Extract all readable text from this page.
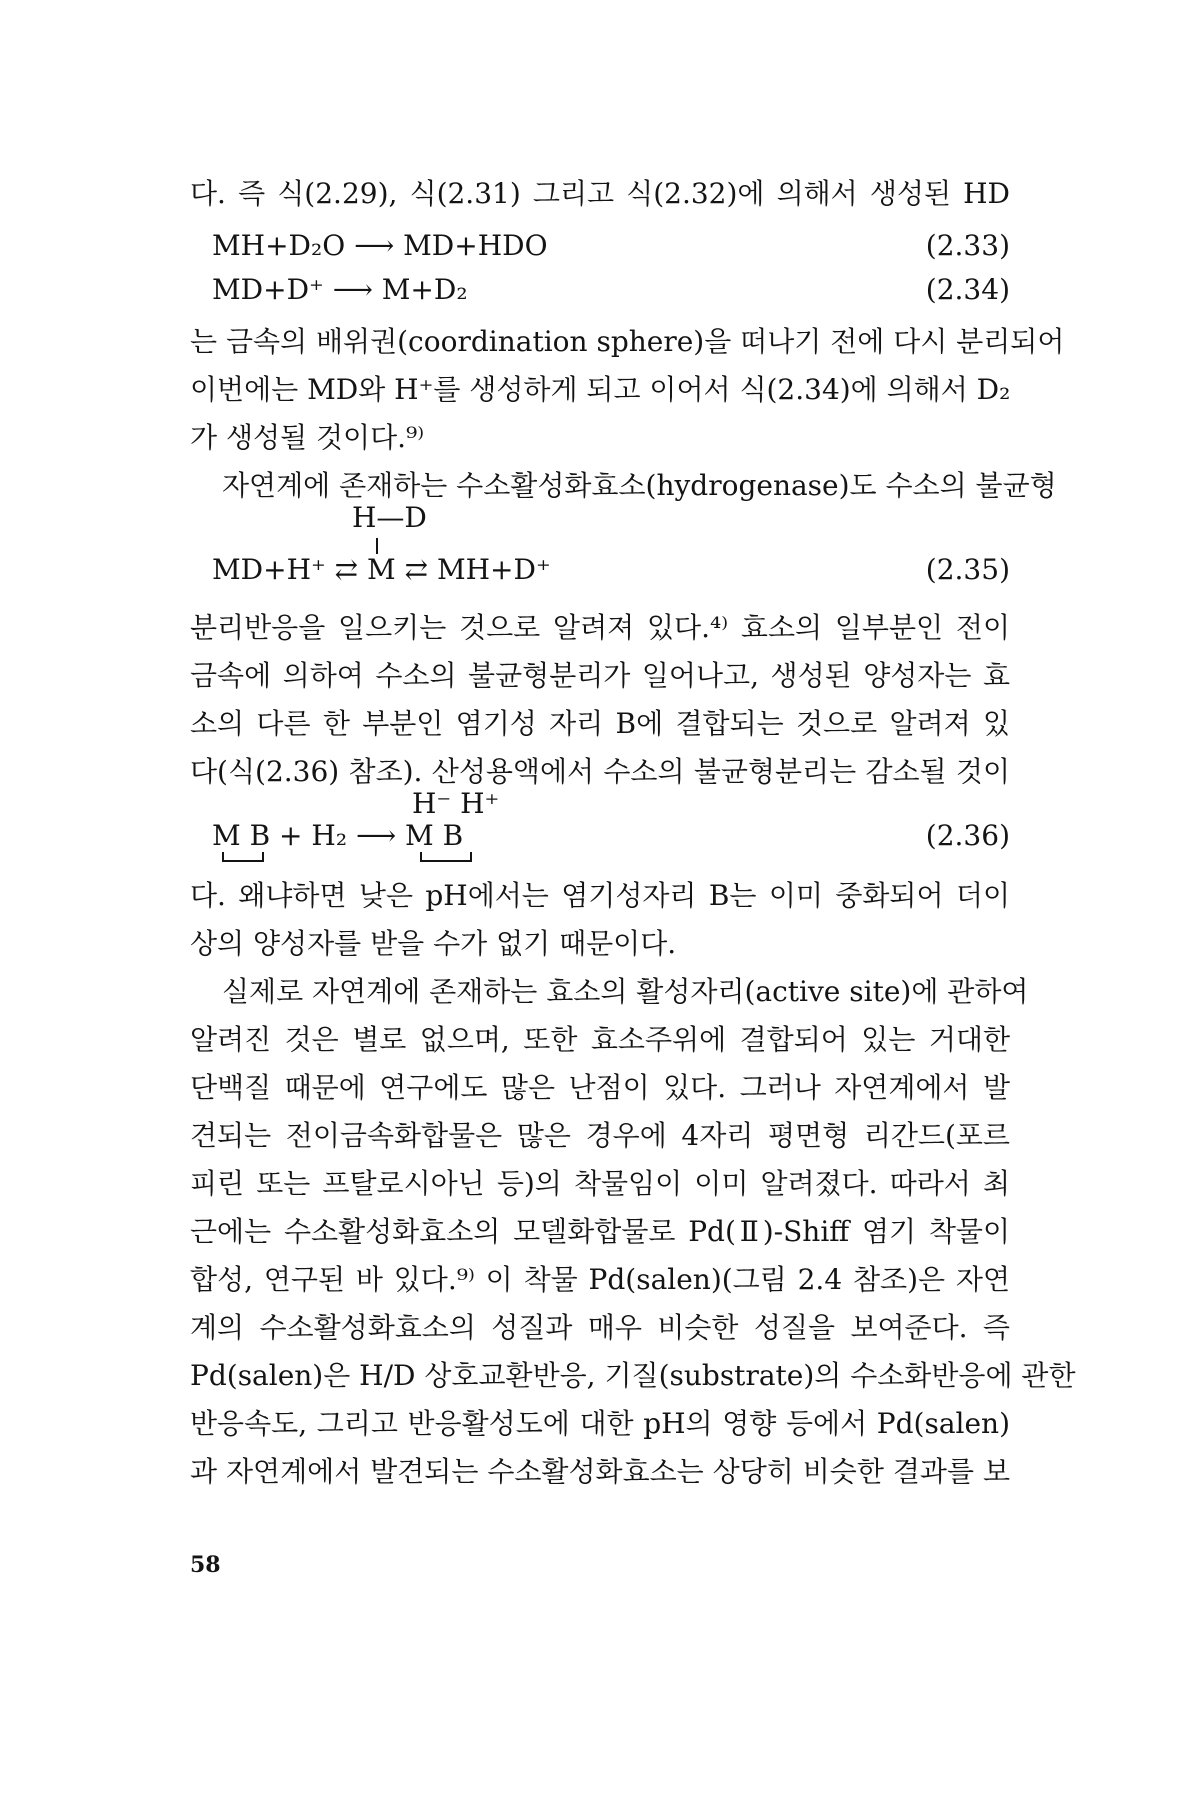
다. 즉 식(2.29), 식(2.31) 그리고 식(2.32)에 의해서 생성된 HD
MH+D₂O ⟶ MD+HDO	(2.33)
MD+D⁺ ⟶ M+D₂	(2.34)
는 금속의 배위권(coordination sphere)을 떠나기 전에 다시 분리되어
이번에는 MD와 H⁺를 생성하게 되고 이어서 식(2.34)에 의해서 D₂
가 생성될 것이다.⁹⁾
자연계에 존재하는 수소활성화효소(hydrogenase)도 수소의 불균형
H—D
MD+H⁺ ⇄ M ⇄ MH+D⁺	(2.35)
분리반응을 일으키는 것으로 알려져 있다.⁴⁾ 효소의 일부분인 전이
금속에 의하여 수소의 불균형분리가 일어나고, 생성된 양성자는 효
소의 다른 한 부분인 염기성 자리 B에 결합되는 것으로 알려져 있
다(식(2.36) 참조). 산성용액에서 수소의 불균형분리는 감소될 것이
H⁻ H⁺
M B + H₂ ⟶ M B	(2.36)
다. 왜냐하면 낮은 pH에서는 염기성자리 B는 이미 중화되어 더이
상의 양성자를 받을 수가 없기 때문이다.
실제로 자연계에 존재하는 효소의 활성자리(active site)에 관하여
알려진 것은 별로 없으며, 또한 효소주위에 결합되어 있는 거대한
단백질 때문에 연구에도 많은 난점이 있다. 그러나 자연계에서 발
견되는 전이금속화합물은 많은 경우에 4자리 평면형 리간드(포르
피린 또는 프탈로시아닌 등)의 착물임이 이미 알려졌다. 따라서 최
근에는 수소활성화효소의 모델화합물로 Pd(Ⅱ)-Shiff 염기 착물이
합성, 연구된 바 있다.⁹⁾ 이 착물 Pd(salen)(그림 2.4 참조)은 자연
계의 수소활성화효소의 성질과 매우 비슷한 성질을 보여준다. 즉
Pd(salen)은 H/D 상호교환반응, 기질(substrate)의 수소화반응에 관한
반응속도, 그리고 반응활성도에 대한 pH의 영향 등에서 Pd(salen)
과 자연계에서 발견되는 수소활성화효소는 상당히 비슷한 결과를 보
58
